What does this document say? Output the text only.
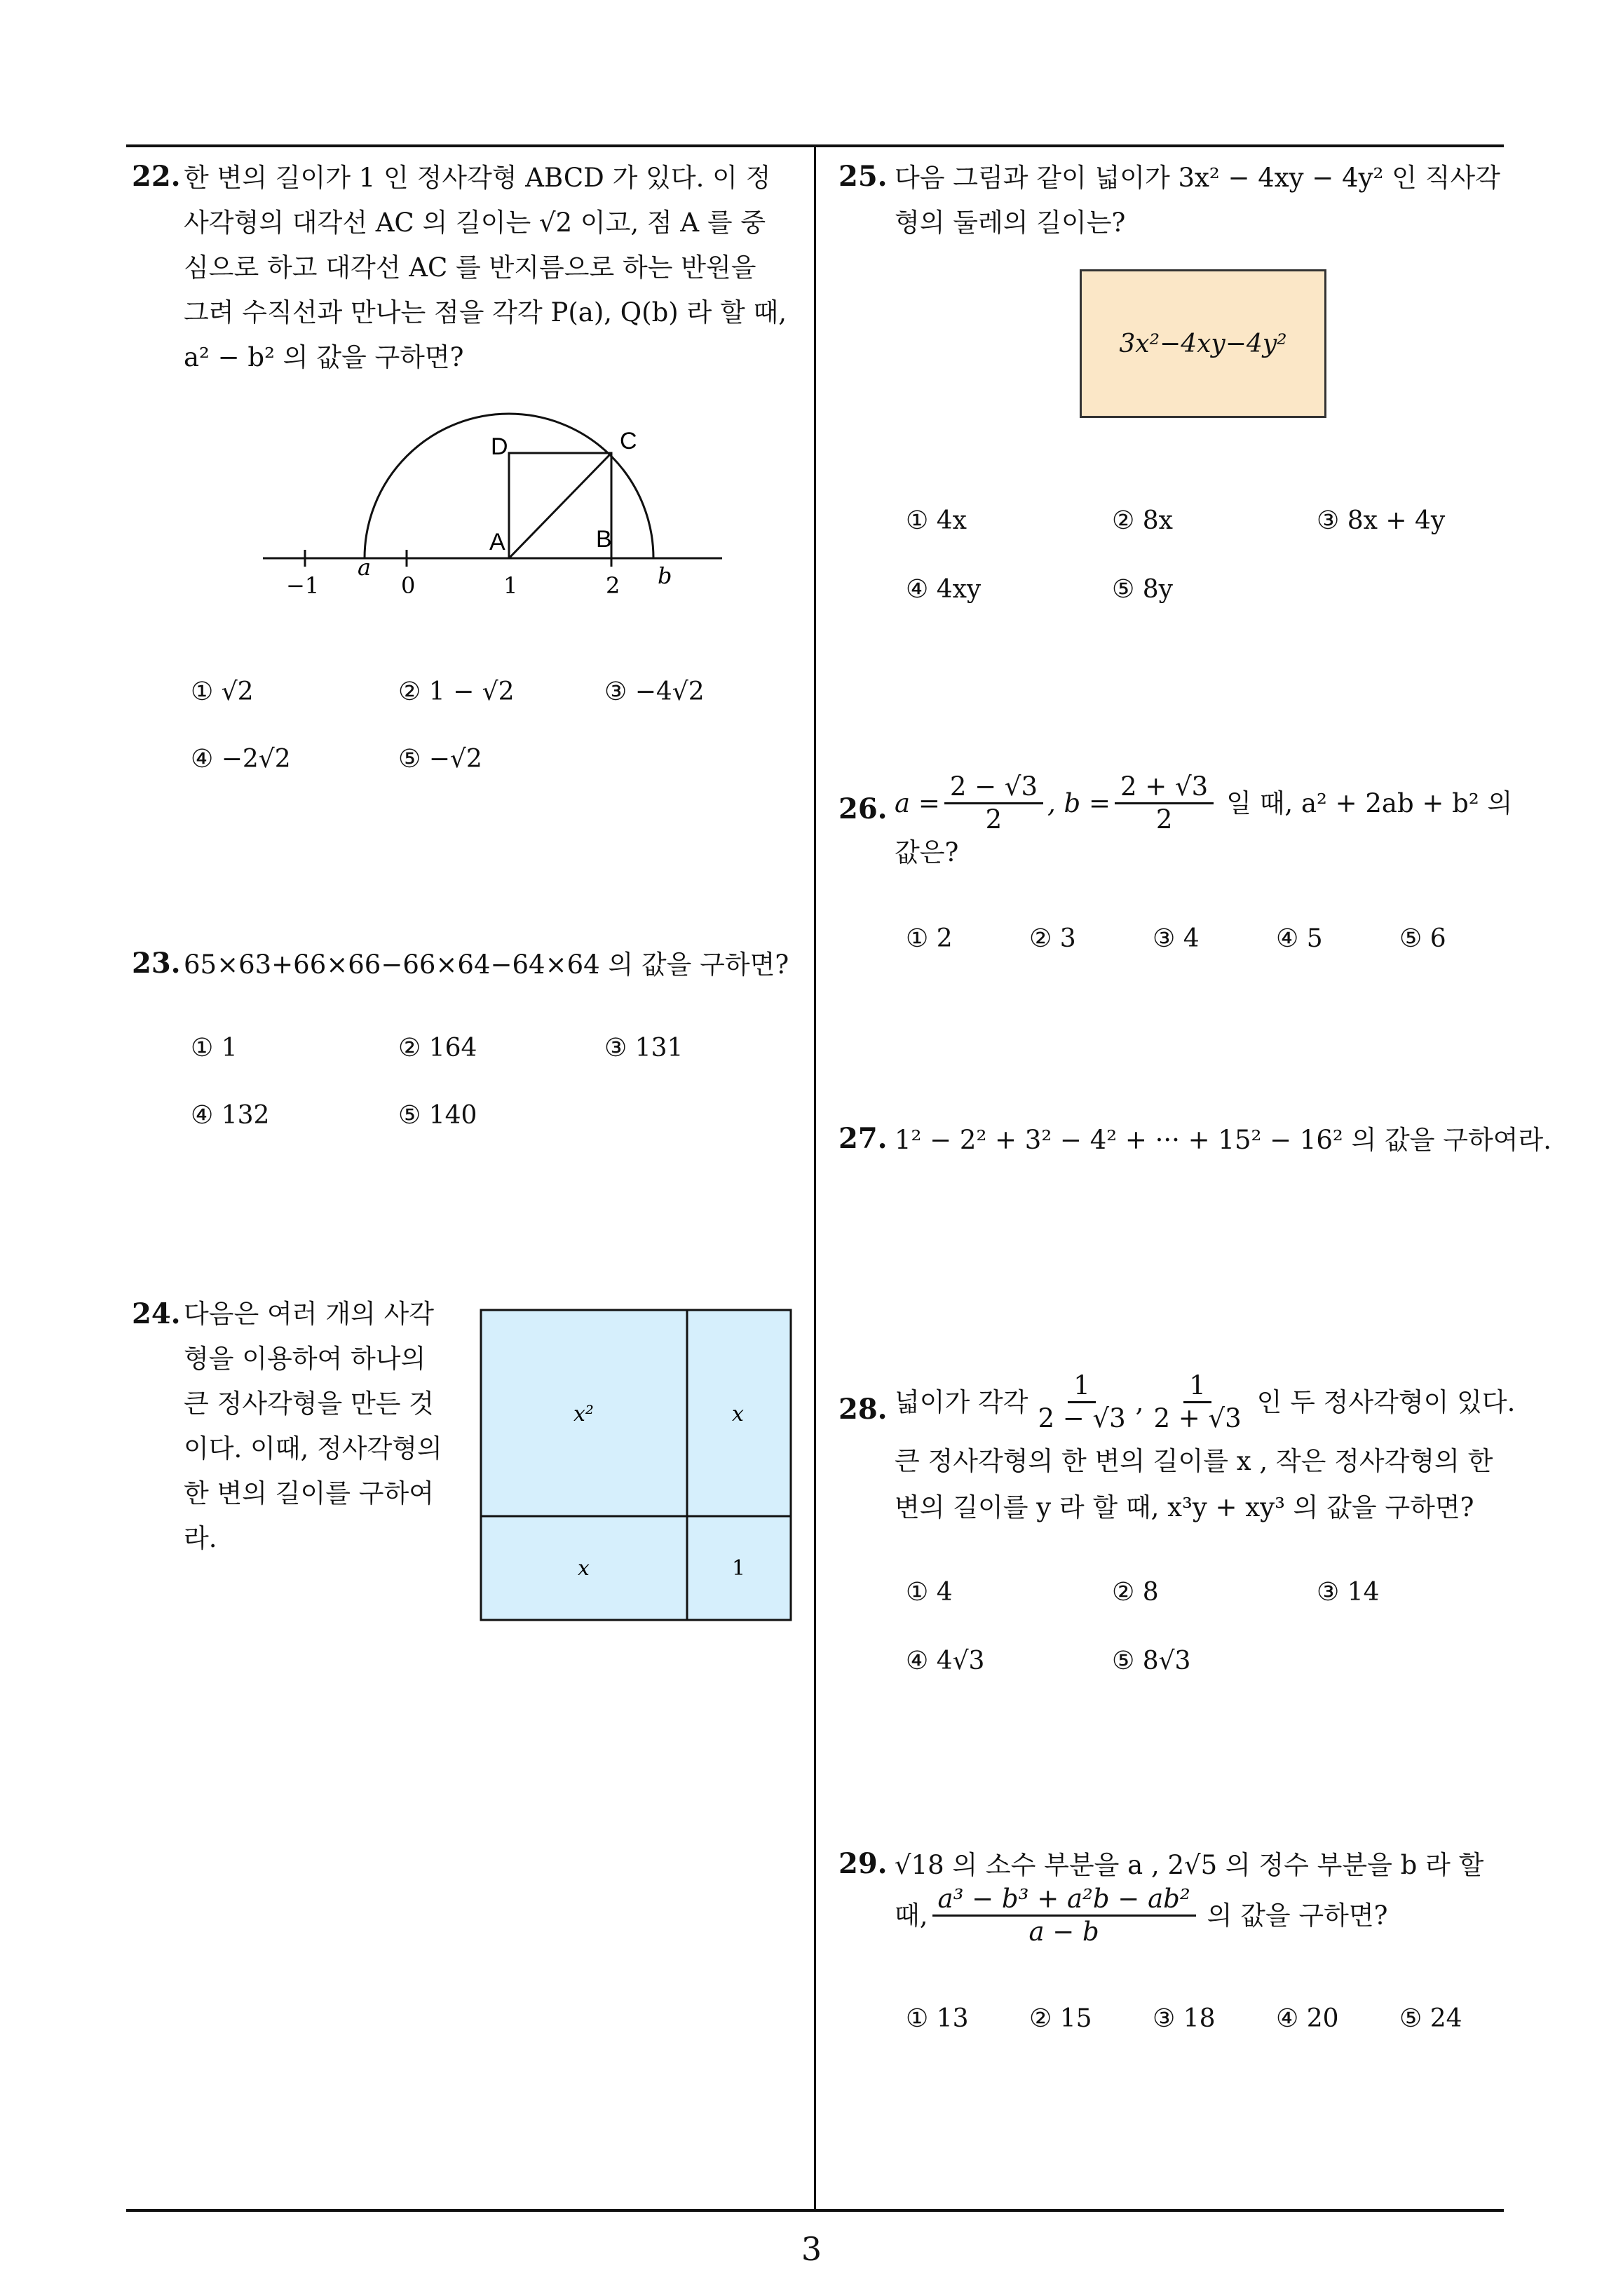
3
22. 한 변의 길이가 1 인 정사각형 ABCD 가 있다. 이 정
사각형의 대각선 AC 의 길이는 √2 이고, 점 A 를 중
심으로 하고 대각선 AC 를 반지름으로 하는 반원을
그려 수직선과 만나는 점을 각각 P(a), Q(b) 라 할 때,
a² − b² 의 값을 구하면?
D	C
A	B
−1
a
0	1	2 b
① √2	② 1 − √2	③ −4√2
④ −2√2	⑤ −√2
23. 65×63+66×66−66×64−64×64 의 값을 구하면?
① 1	② 164	③ 131
④ 132	⑤ 140
24. 다음은 여러 개의 사각
형을 이용하여 하나의
큰 정사각형을 만든 것
이다. 이때, 정사각형의
한 변의 길이를 구하여
라.
x²	x
x	1
25. 다음 그림과 같이 넓이가 3x² − 4xy − 4y² 인 직사각
형의 둘레의 길이는?
3x²−4xy−4y²
① 4x	② 8x	③ 8x + 4y
④ 4xy	⑤ 8y
26. $a = \frac{2 - √3}{2}$ , $b = \frac{2 + √3}{2}$ 일 때, a² + 2ab + b² 의
값은?
① 2	② 3	③ 4	④ 5	⑤ 6
27. 1² − 2² + 3² − 4² + ··· + 15² − 16² 의 값을 구하여라.
28. 넓이가 각각 $\frac{1}{2 - √3}$ , $\frac{1}{2 + √3}$ 인 두 정사각형이 있다.
큰 정사각형의 한 변의 길이를 x , 작은 정사각형의 한
변의 길이를 y 라 할 때, x³y + xy³ 의 값을 구하면?
① 4	② 8	③ 14
④ 4√3	⑤ 8√3
29. √18 의 소수 부분을 a , 2√5 의 정수 부분을 b 라 할
때, $\frac{\text{a³ − b³ + a²b − ab²}}{a - b}$ 의 값을 구하면?
① 13 ② 15 ③ 18 ④ 20 ⑤ 24
